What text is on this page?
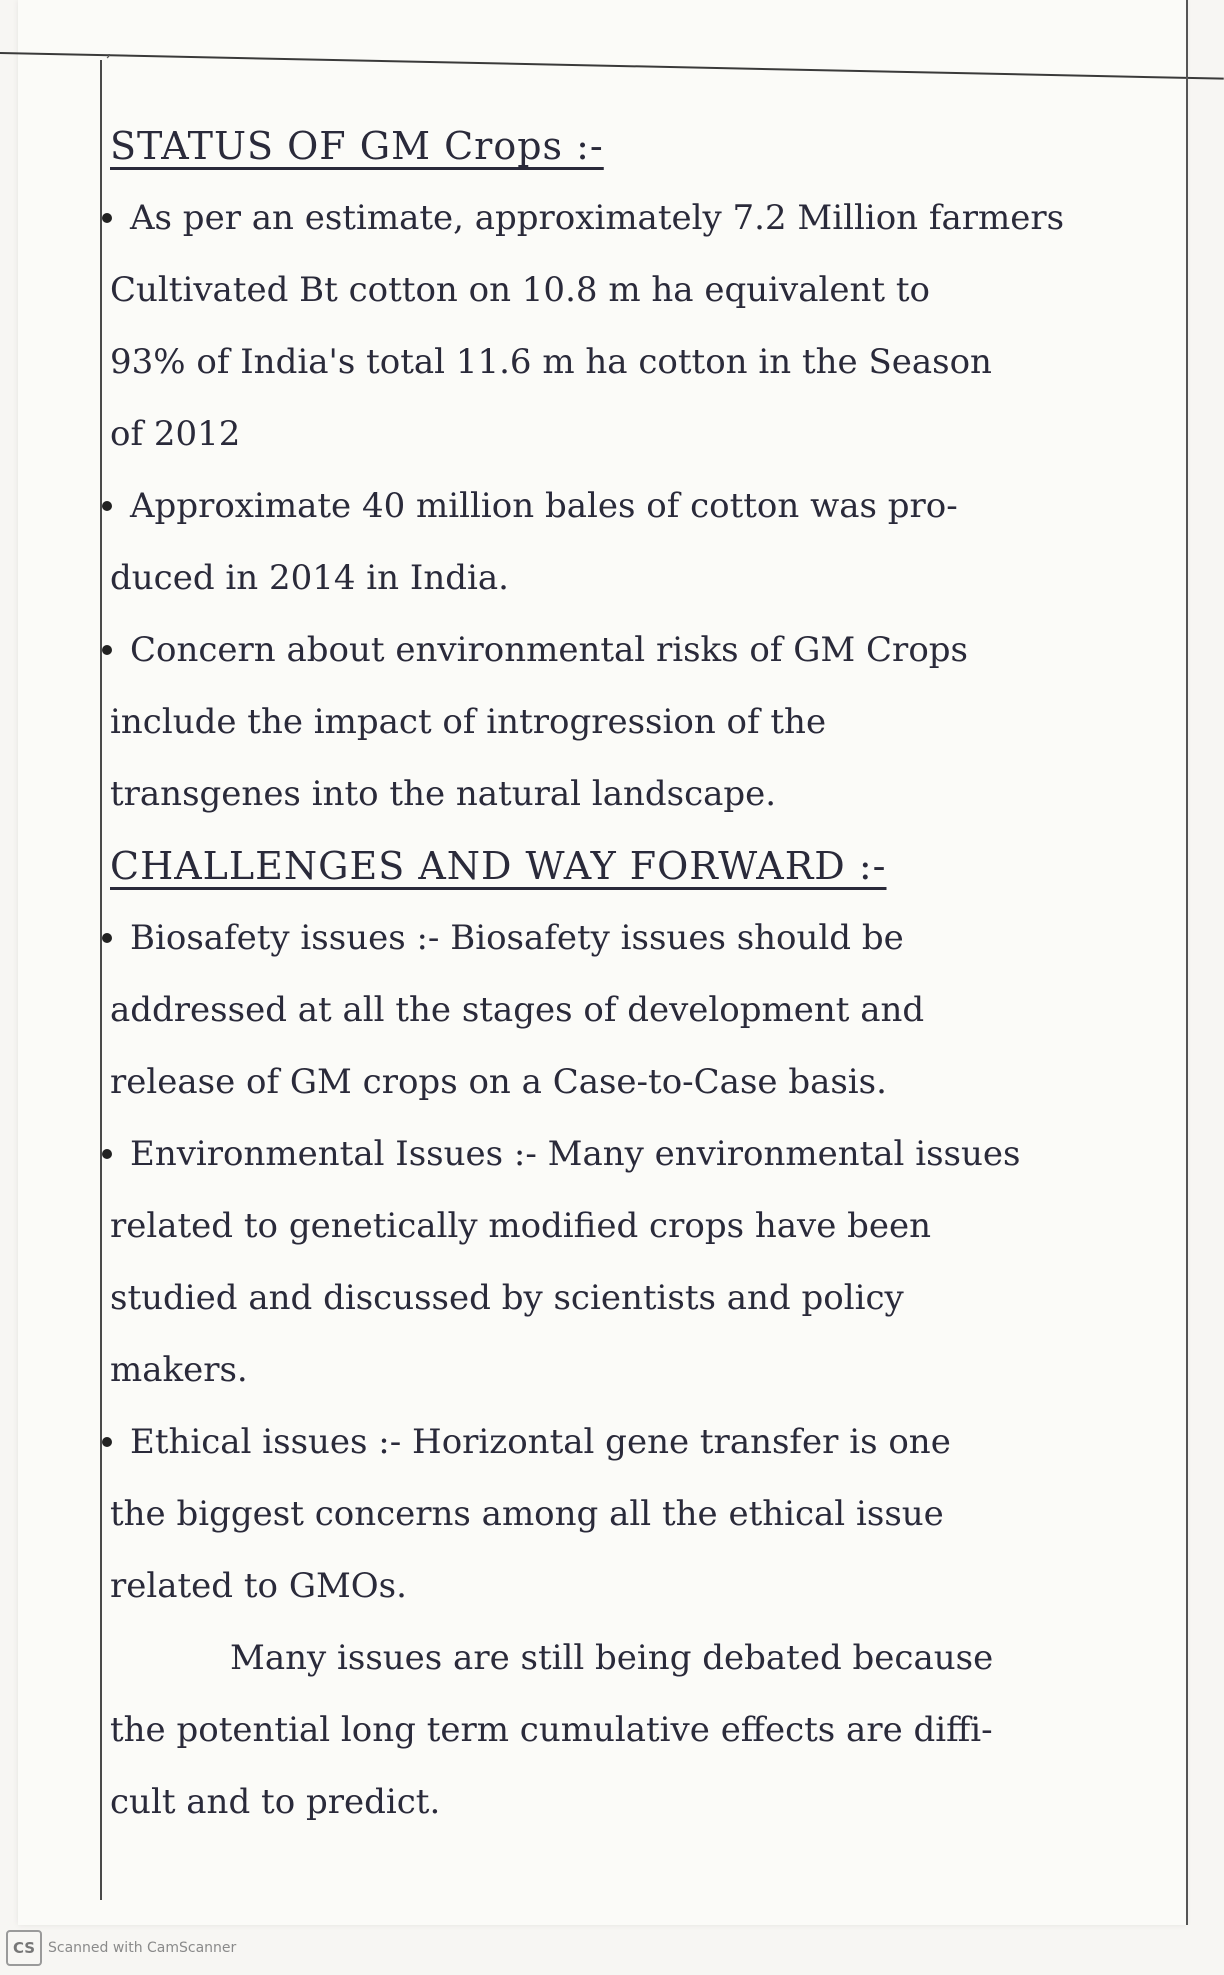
,
STATUS OF GM Crops :-
As per an estimate, approximately 7.2 Million farmers
Cultivated Bt cotton on 10.8 m ha equivalent to
93% of India's total 11.6 m ha cotton in the Season
of 2012
Approximate 40 million bales of cotton was pro-
duced in 2014 in India.
Concern about environmental risks of GM Crops
include the impact of introgression of the
transgenes into the natural landscape.
CHALLENGES AND WAY FORWARD :-
Biosafety issues :- Biosafety issues should be
addressed at all the stages of development and
release of GM crops on a Case-to-Case basis.
Environmental Issues :- Many environmental issues
related to genetically modified crops have been
studied and discussed by scientists and policy
makers.
Ethical issues :- Horizontal gene transfer is one
the biggest concerns among all the ethical issue
related to GMOs.
Many issues are still being debated because
the potential long term cumulative effects are diffi-
cult and to predict.
CS Scanned with CamScanner
